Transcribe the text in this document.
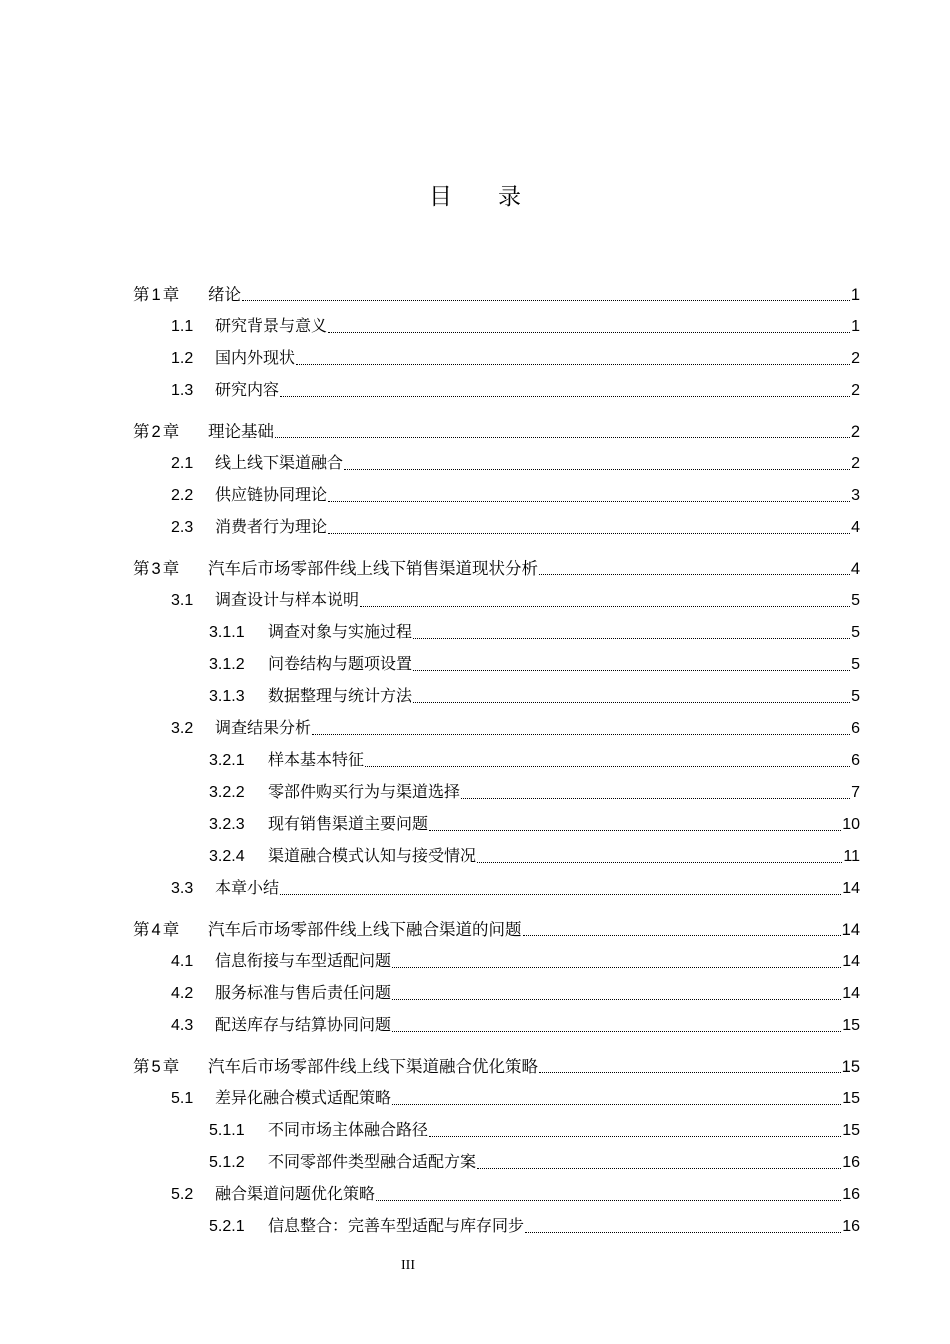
目 录
第 1 章	绪论	1
1.1	研究背景与意义	1
1.2	国内外现状	2
1.3	研究内容	2
第 2 章	理论基础	2
2.1	线上线下渠道融合	2
2.2	供应链协同理论	3
2.3	消费者行为理论	4
第 3 章	汽车后市场零部件线上线下销售渠道现状分析	4
3.1	调查设计与样本说明	5
3.1.1	调查对象与实施过程	5
3.1.2	问卷结构与题项设置	5
3.1.3	数据整理与统计方法	5
3.2	调查结果分析	6
3.2.1	样本基本特征	6
3.2.2	零部件购买行为与渠道选择	7
3.2.3	现有销售渠道主要问题	10
3.2.4	渠道融合模式认知与接受情况	11
3.3	本章小结	14
第 4 章	汽车后市场零部件线上线下融合渠道的问题	14
4.1	信息衔接与车型适配问题	14
4.2	服务标准与售后责任问题	14
4.3	配送库存与结算协同问题	15
第 5 章	汽车后市场零部件线上线下渠道融合优化策略	15
5.1	差异化融合模式适配策略	15
5.1.1	不同市场主体融合路径	15
5.1.2	不同零部件类型融合适配方案	16
5.2	融合渠道问题优化策略	16
5.2.1	信息整合：完善车型适配与库存同步	16
III
